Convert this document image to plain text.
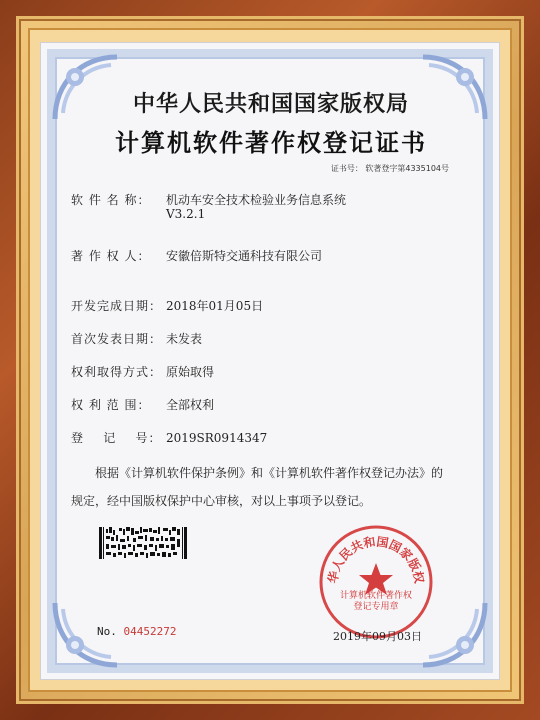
中华人民共和国国家版权局
计算机软件著作权登记证书
证书号： 软著登字第4335104号
软 件 名 称： 机动车安全技术检验业务信息系统
V3.2.1
著 作 权 人： 安徽倍斯特交通科技有限公司
开发完成日期： 2018年01月05日
首次发表日期： 未发表
权利取得方式： 原始取得
权 利 范 围： 全部权利
登    记    号： 2019SR0914347

　　根据《计算机软件保护条例》和《计算机软件著作权登记办法》的

规定，经中国版权保护中心审核，对以上事项予以登记。

No. 04452272
华人民共和国国家版权
计算机软件著作权
登记专用章
2019年09月03日
